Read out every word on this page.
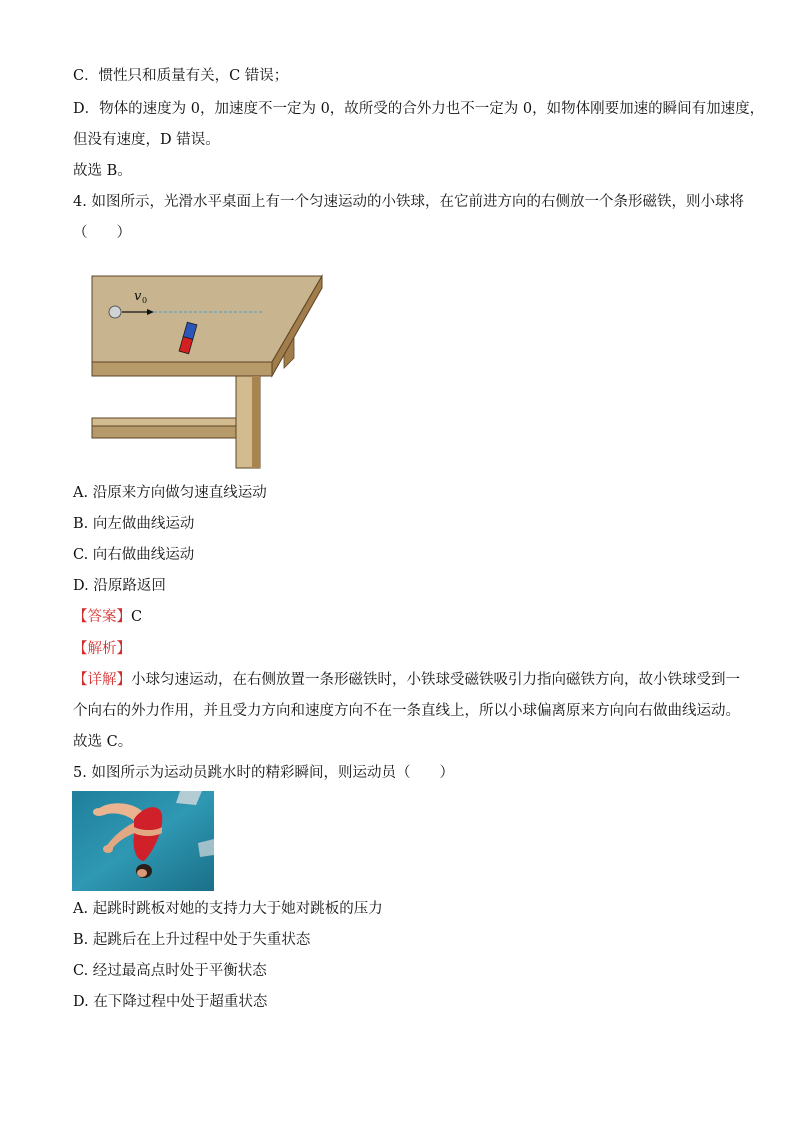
C．惯性只和质量有关，C 错误；
D．物体的速度为 0，加速度不一定为 0，故所受的合外力也不一定为 0，如物体刚要加速的瞬间有加速度，
但没有速度，D 错误。
故选 B。
4. 如图所示，光滑水平桌面上有一个匀速运动的小铁球，在它前进方向的右侧放一个条形磁铁，则小球将
（　　）
v 0
A. 沿原来方向做匀速直线运动
B. 向左做曲线运动
C. 向右做曲线运动
D. 沿原路返回
【答案】C
【解析】
【详解】小球匀速运动，在右侧放置一条形磁铁时，小铁球受磁铁吸引力指向磁铁方向，故小铁球受到一
个向右的外力作用，并且受力方向和速度方向不在一条直线上，所以小球偏离原来方向向右做曲线运动。
故选 C。
5. 如图所示为运动员跳水时的精彩瞬间，则运动员（　　）
A. 起跳时跳板对她的支持力大于她对跳板的压力
B. 起跳后在上升过程中处于失重状态
C. 经过最高点时处于平衡状态
D. 在下降过程中处于超重状态
